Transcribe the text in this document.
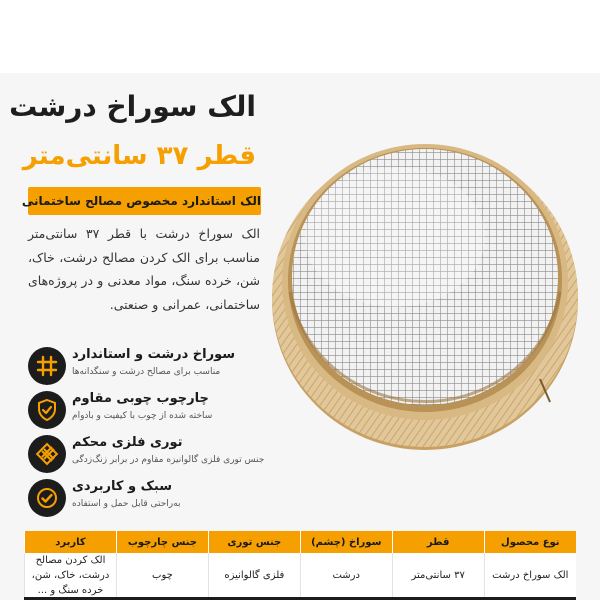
الک سوراخ درشت
قطر ۳۷ سانتی‌متر
الک استاندارد مخصوص مصالح ساختمانی
الک سوراخ درشت با قطر ۳۷ سانتی‌متر مناسب برای الک کردن مصالح درشت، خاک، شن، خرده سنگ، مواد معدنی و در پروژه‌های ساختمانی، عمرانی و صنعتی.
سوراخ درشت و استاندارد
مناسب برای مصالح درشت و سنگدانه‌ها
چارچوب چوبی مقاوم
ساخته شده از چوب با کیفیت و بادوام
توری فلزی محکم
جنس توری فلزی گالوانیزه مقاوم در برابر زنگ‌زدگی
سبک و کاربردی
به‌راحتی قابل حمل و استفاده
نوع محصول	قطر	سوراخ (چشم)	جنس توری	جنس چارچوب	کاربرد
الک سوراخ درشت	۳۷ سانتی‌متر	درشت	فلزی گالوانیزه	چوب	الک کردن مصالح درشت، خاک، شن، خرده سنگ و ...
